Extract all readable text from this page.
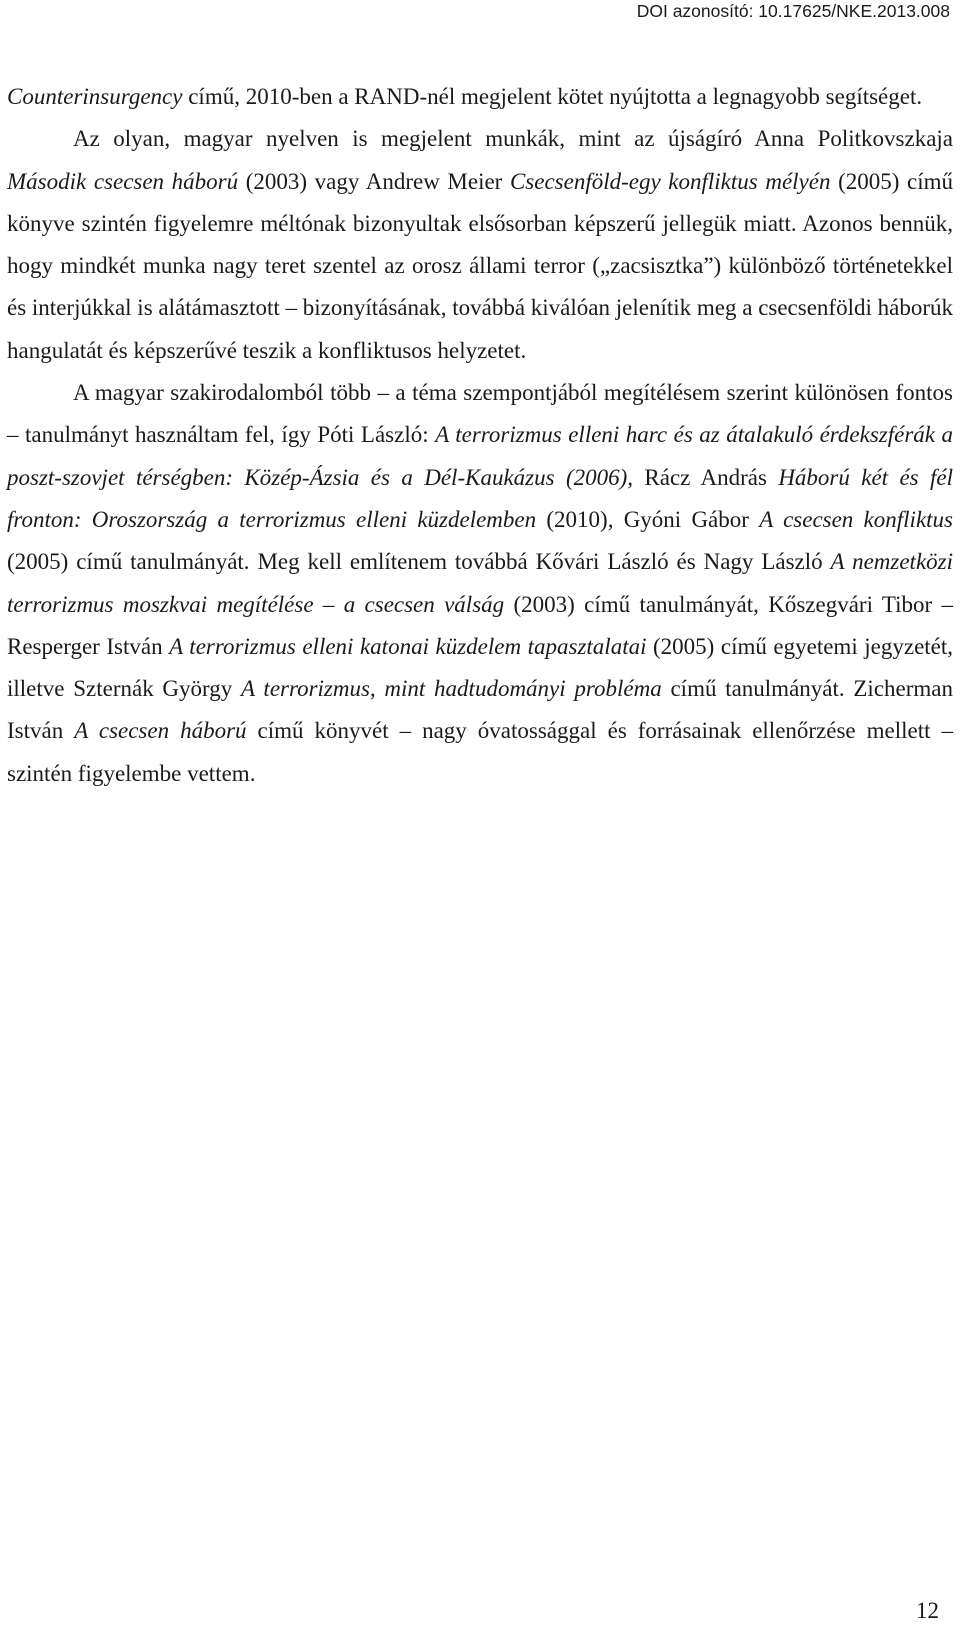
DOI azonosító: 10.17625/NKE.2013.008

Counterinsurgency című, 2010-ben a RAND-nél megjelent kötet nyújtotta a legnagyobb segítséget.

Az olyan, magyar nyelven is megjelent munkák, mint az újságíró Anna Politkovszkaja Második csecsen háború (2003) vagy Andrew Meier Csecsenföld-egy konfliktus mélyén (2005) című könyve szintén figyelemre méltónak bizonyultak elsősorban képszerű jellegük miatt. Azonos bennük, hogy mindkét munka nagy teret szentel az orosz állami terror („zacsisztka”) különböző történetekkel és interjúkkal is alátámasztott – bizonyításának, továbbá kiválóan jelenítik meg a csecsenföldi háborúk hangulatát és képszerűvé teszik a konfliktusos helyzetet.

A magyar szakirodalomból több – a téma szempontjából megítélésem szerint különösen fontos – tanulmányt használtam fel, így Póti László: A terrorizmus elleni harc és az átalakuló érdekszférák a poszt-szovjet térségben: Közép-Ázsia és a Dél-Kaukázus (2006), Rácz András Háború két és fél fronton: Oroszország a terrorizmus elleni küzdelemben (2010), Gyóni Gábor A csecsen konfliktus (2005) című tanulmányát. Meg kell említenem továbbá Kővári László és Nagy László A nemzetközi terrorizmus moszkvai megítélése – a csecsen válság (2003) című tanulmányát, Kőszegvári Tibor – Resperger István A terrorizmus elleni katonai küzdelem tapasztalatai (2005) című egyetemi jegyzetét, illetve Szternák György A terrorizmus, mint hadtudományi probléma című tanulmányát. Zicherman István A csecsen háború című könyvét – nagy óvatossággal és forrásainak ellenőrzése mellett – szintén figyelembe vettem.

12
